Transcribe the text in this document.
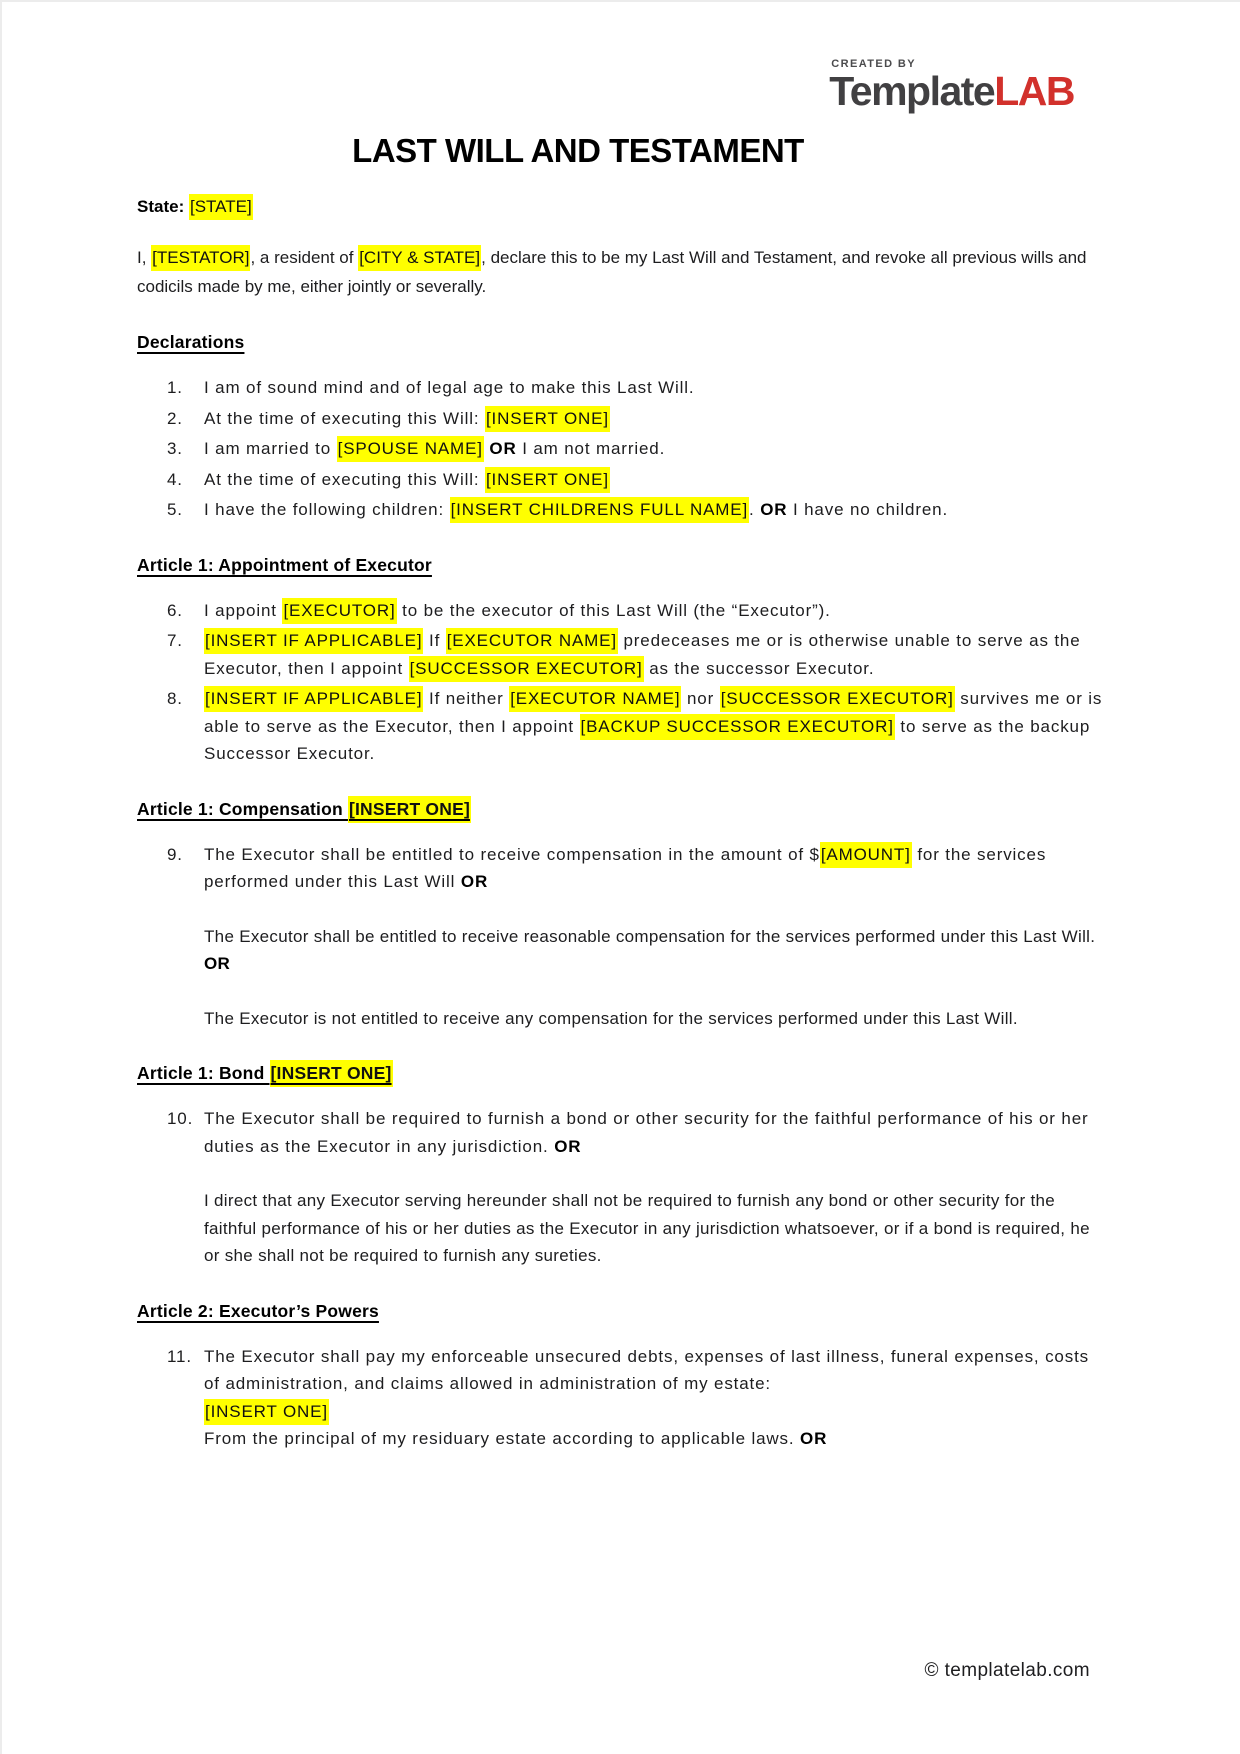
CREATED BY
TemplateLAB
LAST WILL AND TESTAMENT

State: [STATE]

I, [TESTATOR], a resident of [CITY & STATE], declare this to be my Last Will and Testament, and revoke all previous wills and codicils made by me, either jointly or severally.

Declarations
1.	I am of sound mind and of legal age to make this Last Will.
2.	At the time of executing this Will: [INSERT ONE]
3.	I am married to [SPOUSE NAME] OR I am not married.
4.	At the time of executing this Will: [INSERT ONE]
5.	I have the following children: [INSERT CHILDRENS FULL NAME]. OR I have no children.
Article 1: Appointment of Executor
6.	I appoint [EXECUTOR] to be the executor of this Last Will (the “Executor”).
7.	[INSERT IF APPLICABLE] If [EXECUTOR NAME] predeceases me or is otherwise unable to serve as the Executor, then I appoint [SUCCESSOR EXECUTOR] as the successor Executor.
8.	[INSERT IF APPLICABLE] If neither [EXECUTOR NAME] nor [SUCCESSOR EXECUTOR] survives me or is able to serve as the Executor, then I appoint [BACKUP SUCCESSOR EXECUTOR] to serve as the backup Successor Executor.
Article 1: Compensation [INSERT ONE]
9.	The Executor shall be entitled to receive compensation in the amount of $[AMOUNT] for the services performed under this Last Will OR

The Executor shall be entitled to receive reasonable compensation for the services performed under this Last Will. OR

The Executor is not entitled to receive any compensation for the services performed under this Last Will.

Article 1: Bond [INSERT ONE]
10. The Executor shall be required to furnish a bond or other security for the faithful performance of his or her duties as the Executor in any jurisdiction. OR

I direct that any Executor serving hereunder shall not be required to furnish any bond or other security for the faithful performance of his or her duties as the Executor in any jurisdiction whatsoever, or if a bond is required, he or she shall not be required to furnish any sureties.

Article 2: Executor’s Powers
11. The Executor shall pay my enforceable unsecured debts, expenses of last illness, funeral expenses, costs of administration, and claims allowed in administration of my estate:
[INSERT ONE]
From the principal of my residuary estate according to applicable laws. OR
© templatelab.com
